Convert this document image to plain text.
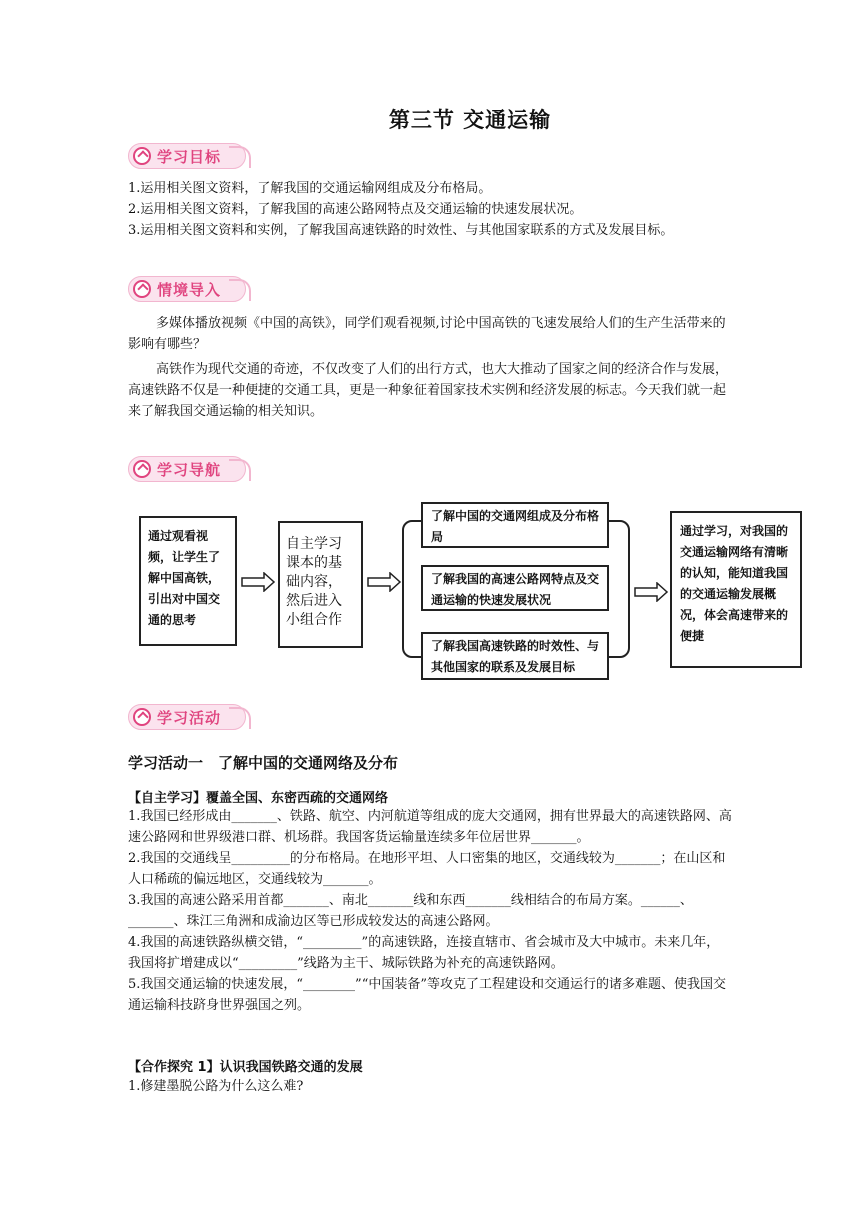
第三节 交通运输
学习目标
1.运用相关图文资料，了解我国的交通运输网组成及分布格局。
2.运用相关图文资料，了解我国的高速公路网特点及交通运输的快速发展状况。
3.运用相关图文资料和实例，了解我国高速铁路的时效性、与其他国家联系的方式及发展目标。
情境导入
多媒体播放视频《中国的高铁》，同学们观看视频,讨论中国高铁的飞速发展给人们的生产生活带来的影响有哪些？
高铁作为现代交通的奇迹，不仅改变了人们的出行方式，也大大推动了国家之间的经济合作与发展，
高速铁路不仅是一种便捷的交通工具，更是一种象征着国家技术实例和经济发展的标志。今天我们就一起来了解我国交通运输的相关知识。
学习导航
通过观看视频，让学生了解中国高铁，引出对中国交通的思考
自主学习课本的基础内容，然后进入小组合作
了解中国的交通网组成及分布格局
了解我国的高速公路网特点及交通运输的快速发展状况
了解我国高速铁路的时效性、与其他国家的联系及发展目标
通过学习，对我国的交通运输网络有清晰的认知，能知道我国的交通运输发展概况，体会高速带来的便捷
学习活动
学习活动一　了解中国的交通网络及分布
【自主学习】覆盖全国、东密西疏的交通网络
1.我国已经形成由_______、铁路、航空、内河航道等组成的庞大交通网，拥有世界最大的高速铁路网、高速公路网和世界级港口群、机场群。我国客货运输量连续多年位居世界_______。
2.我国的交通线呈_________的分布格局。在地形平坦、人口密集的地区，交通线较为_______；在山区和人口稀疏的偏远地区，交通线较为_______。
3.我国的高速公路采用首都_______、南北_______线和东西_______线相结合的布局方案。______、_______、珠江三角洲和成渝边区等已形成较发达的高速公路网。
4.我国的高速铁路纵横交错，“_________”的高速铁路，连接直辖市、省会城市及大中城市。未来几年，我国将扩增建成以“_________”线路为主干、城际铁路为补充的高速铁路网。
5.我国交通运输的快速发展，“________”“中国装备”等攻克了工程建设和交通运行的诸多难题、使我国交通运输科技跻身世界强国之列。
【合作探究 1】认识我国铁路交通的发展
1.修建墨脱公路为什么这么难?
